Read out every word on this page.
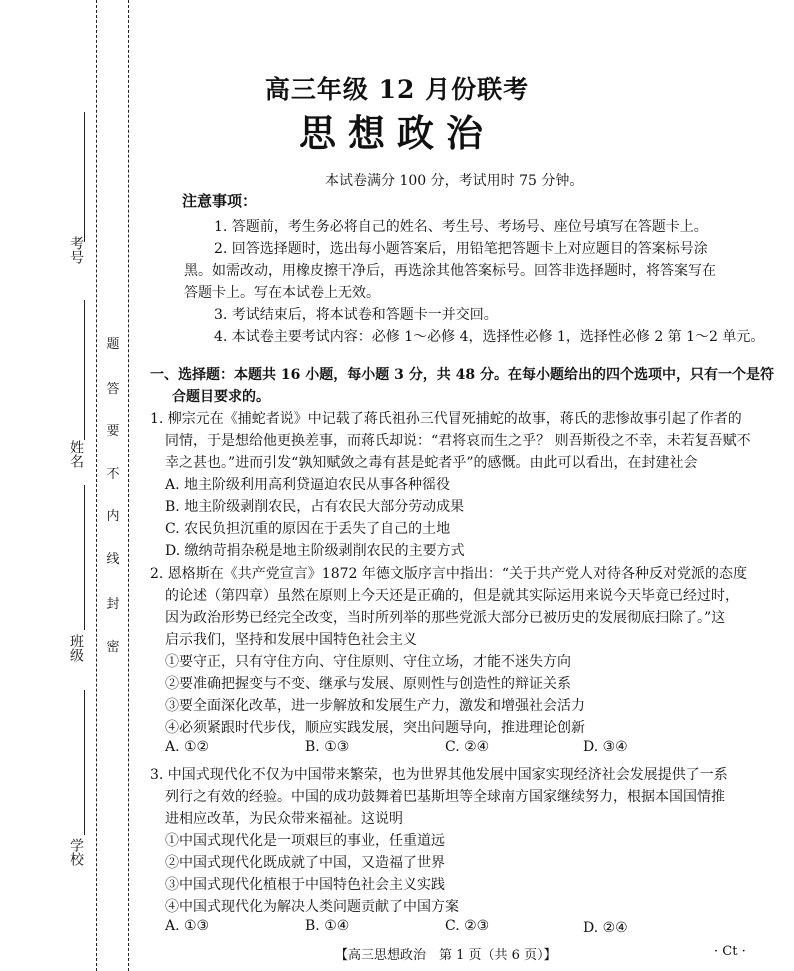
考号
姓名
班级
学校
题
答
要
不
内
线
封
密
高三年级 12 月份联考
思想政治
本试卷满分 100 分，考试用时 75 分钟。
注意事项：
1. 答题前，考生务必将自己的姓名、考生号、考场号、座位号填写在答题卡上。
2. 回答选择题时，选出每小题答案后，用铅笔把答题卡上对应题目的答案标号涂
黑。如需改动，用橡皮擦干净后，再选涂其他答案标号。回答非选择题时，将答案写在
答题卡上。写在本试卷上无效。
3. 考试结束后，将本试卷和答题卡一并交回。
4. 本试卷主要考试内容：必修 1～必修 4，选择性必修 1，选择性必修 2 第 1～2 单元。
一、选择题：本题共 16 小题，每小题 3 分，共 48 分。在每小题给出的四个选项中，只有一个是符
合题目要求的。
1. 柳宗元在《捕蛇者说》中记载了蒋氏祖孙三代冒死捕蛇的故事，蒋氏的悲惨故事引起了作者的
同情，于是想给他更换差事，而蒋氏却说：“君将哀而生之乎？ 则吾斯役之不幸，未若复吾赋不
幸之甚也。”进而引发“孰知赋敛之毒有甚是蛇者乎”的感慨。由此可以看出，在封建社会
A. 地主阶级利用高利贷逼迫农民从事各种徭役
B. 地主阶级剥削农民，占有农民大部分劳动成果
C. 农民负担沉重的原因在于丢失了自己的土地
D. 缴纳苛捐杂税是地主阶级剥削农民的主要方式
2. 恩格斯在《共产党宣言》1872 年德文版序言中指出：“关于共产党人对待各种反对党派的态度
的论述（第四章）虽然在原则上今天还是正确的，但是就其实际运用来说今天毕竟已经过时，
因为政治形势已经完全改变，当时所列举的那些党派大部分已被历史的发展彻底扫除了。”这
启示我们，坚持和发展中国特色社会主义
①要守正，只有守住方向、守住原则、守住立场，才能不迷失方向
②要准确把握变与不变、继承与发展、原则性与创造性的辩证关系
③要全面深化改革，进一步解放和发展生产力，激发和增强社会活力
④必须紧跟时代步伐，顺应实践发展，突出问题导向，推进理论创新
A. ①②	B. ①③	C. ②④	D. ③④
3. 中国式现代化不仅为中国带来繁荣，也为世界其他发展中国家实现经济社会发展提供了一系
列行之有效的经验。中国的成功鼓舞着巴基斯坦等全球南方国家继续努力，根据本国国情推
进相应改革，为民众带来福祉。这说明
①中国式现代化是一项艰巨的事业，任重道远
②中国式现代化既成就了中国，又造福了世界
③中国式现代化植根于中国特色社会主义实践
④中国式现代化为解决人类问题贡献了中国方案
A. ①③	B. ①④	C. ②③	D. ②④
【高三思想政治　第 1 页（共 6 页）】	· Ct ·
